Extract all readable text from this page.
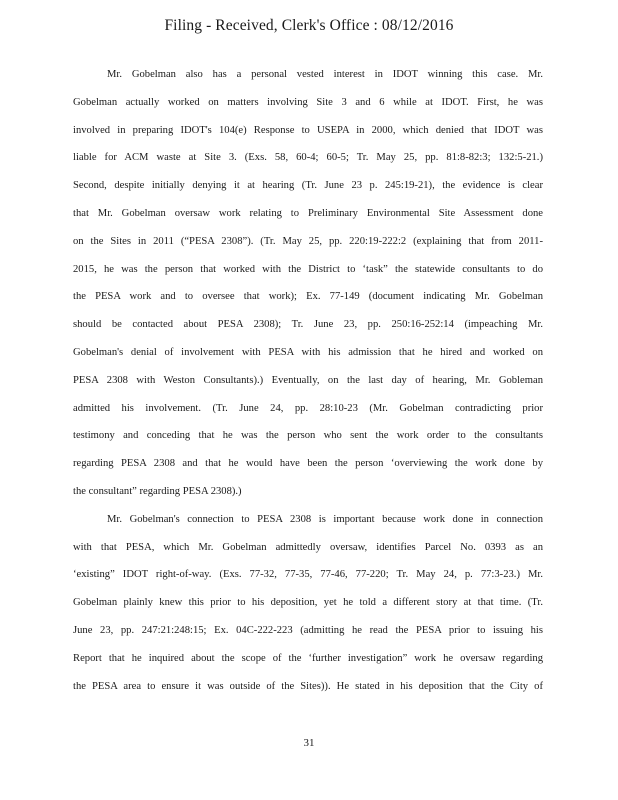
Filing - Received, Clerk's Office : 08/12/2016
Mr. Gobelman also has a personal vested interest in IDOT winning this case. Mr.
Gobelman actually worked on matters involving Site 3 and 6 while at IDOT. First, he was
involved in preparing IDOT's 104(e) Response to USEPA in 2000, which denied that IDOT was
liable for ACM waste at Site 3. (Exs. 58, 60-4; 60-5; Tr. May 25, pp. 81:8-82:3; 132:5-21.)
Second, despite initially denying it at hearing (Tr. June 23 p. 245:19-21), the evidence is clear
that Mr. Gobelman oversaw work relating to Preliminary Environmental Site Assessment done
on the Sites in 2011 (“PESA 2308”). (Tr. May 25, pp. 220:19-222:2 (explaining that from 2011-
2015, he was the person that worked with the District to ‘task” the statewide consultants to do
the PESA work and to oversee that work); Ex. 77-149 (document indicating Mr. Gobelman
should be contacted about PESA 2308); Tr. June 23, pp. 250:16-252:14 (impeaching Mr.
Gobelman's denial of involvement with PESA with his admission that he hired and worked on
PESA 2308 with Weston Consultants).) Eventually, on the last day of hearing, Mr. Gobleman
admitted his involvement. (Tr. June 24, pp. 28:10-23 (Mr. Gobelman contradicting prior
testimony and conceding that he was the person who sent the work order to the consultants
regarding PESA 2308 and that he would have been the person ‘overviewing the work done by
the consultant” regarding PESA 2308).)
Mr. Gobelman's connection to PESA 2308 is important because work done in connection
with that PESA, which Mr. Gobelman admittedly oversaw, identifies Parcel No. 0393 as an
‘existing” IDOT right-of-way. (Exs. 77-32, 77-35, 77-46, 77-220; Tr. May 24, p. 77:3-23.) Mr.
Gobelman plainly knew this prior to his deposition, yet he told a different story at that time. (Tr.
June 23, pp. 247:21:248:15; Ex. 04C-222-223 (admitting he read the PESA prior to issuing his
Report that he inquired about the scope of the ‘further investigation” work he oversaw regarding
the PESA area to ensure it was outside of the Sites)). He stated in his deposition that the City of
31
